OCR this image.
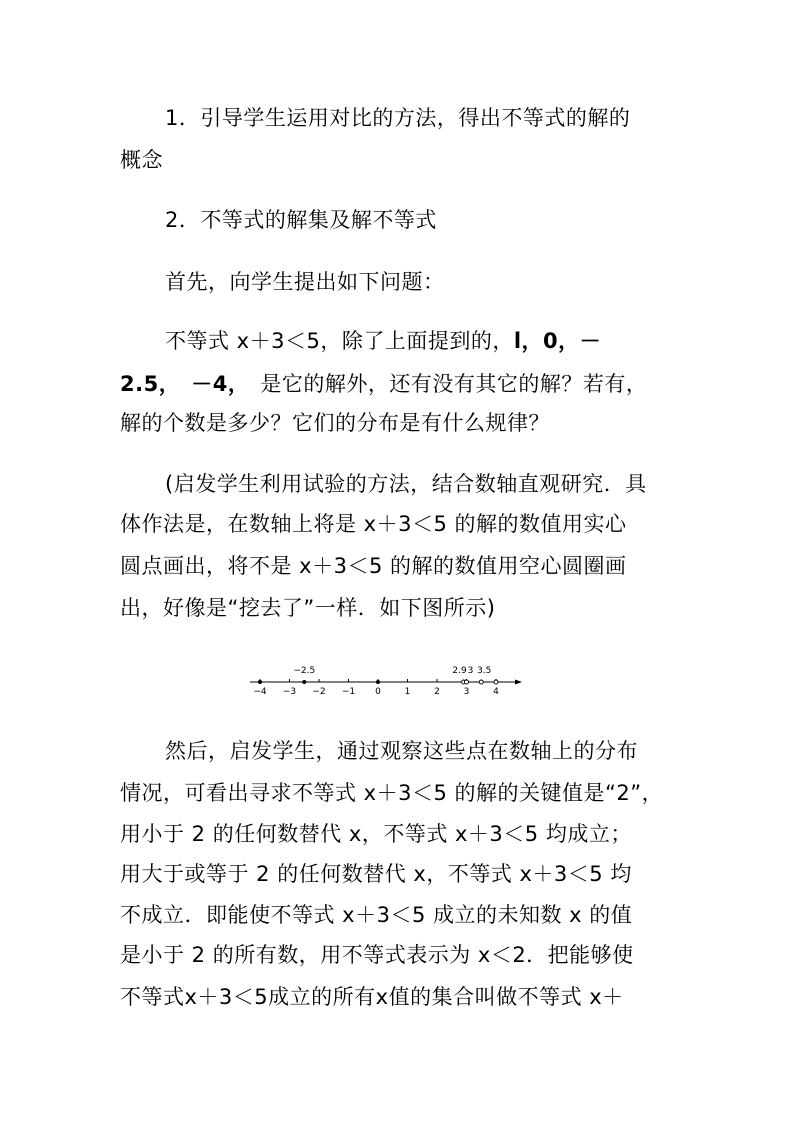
1．引导学生运用对比的方法，得出不等式的解的
概念
2．不等式的解集及解不等式
首先，向学生提出如下问题：
不等式 x＋3＜5，除了上面提到的，l，0，－
2.5，　－4，　 是它的解外，还有没有其它的解？若有，
解的个数是多少？它们的分布是有什么规律？
(启发学生利用试验的方法，结合数轴直观研究．具
体作法是，在数轴上将是 x＋3＜5 的解的数值用实心
圆点画出，将不是 x＋3＜5 的解的数值用空心圆圈画
出，好像是“挖去了”一样．如下图所示)
−4 −3 −2 −1 0	1	2	3	4
−2.5	2.9 3 3.5
然后，启发学生，通过观察这些点在数轴上的分布
情况，可看出寻求不等式 x＋3＜5 的解的关键值是“2”，
用小于 2 的任何数替代 x，不等式 x＋3＜5 均成立；
用大于或等于 2 的任何数替代 x，不等式 x＋3＜5 均
不成立．即能使不等式 x＋3＜5 成立的未知数 x 的值
是小于 2 的所有数，用不等式表示为 x＜2．把能够使
不等式x＋3＜5成立的所有x值的集合叫做不等式 x＋
